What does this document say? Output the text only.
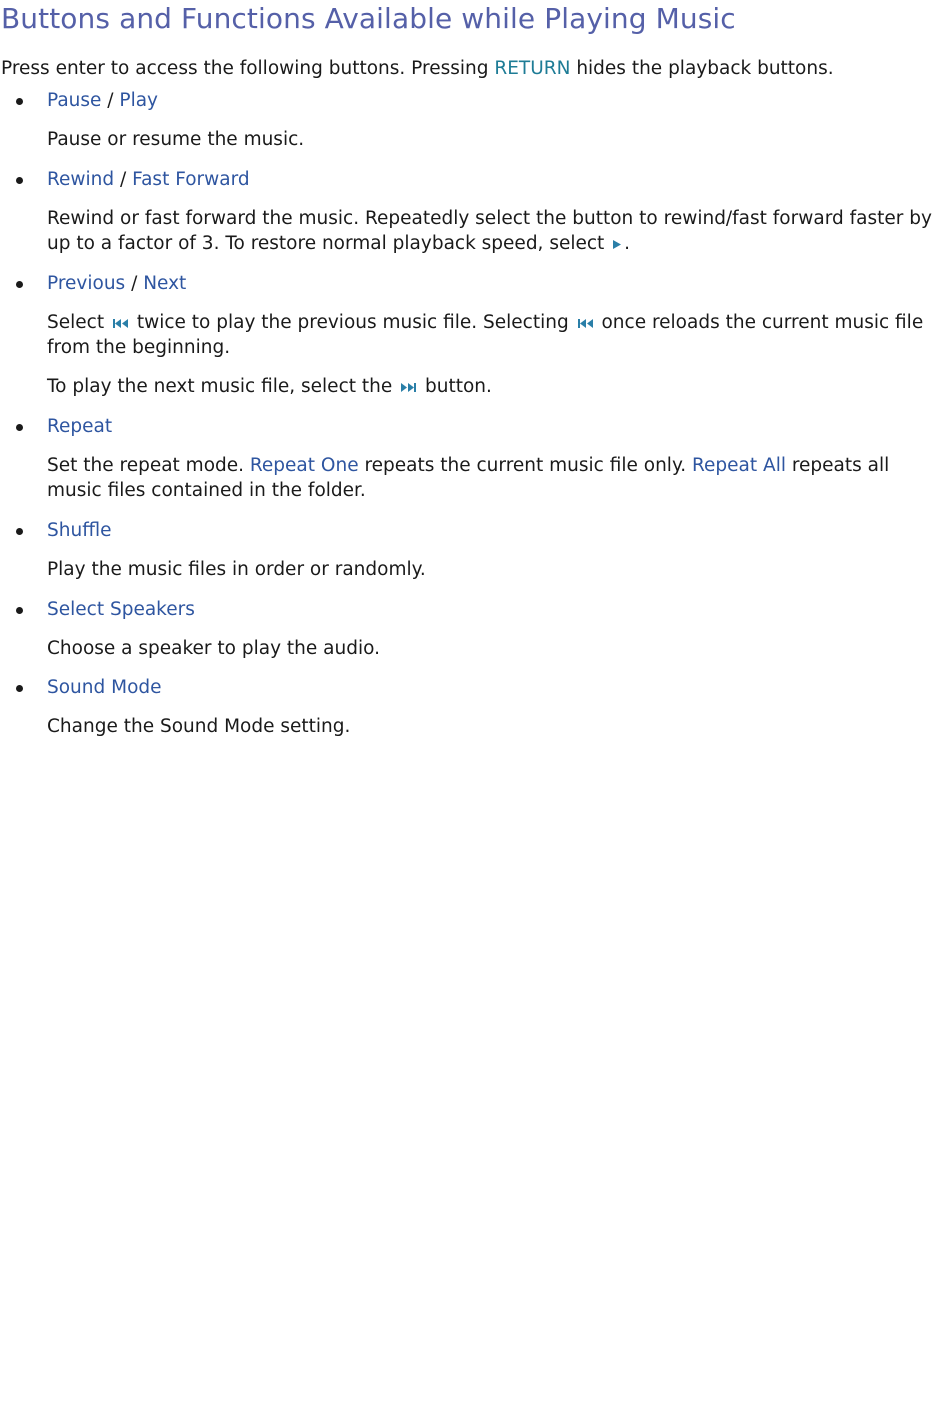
Buttons and Functions Available while Playing Music
Press enter to access the following buttons. Pressing RETURN hides the playback buttons.
Pause / Play

Pause or resume the music.

Rewind / Fast Forward

Rewind or fast forward the music. Repeatedly select the button to rewind/fast forward faster by up to a factor of 3. To restore normal playback speed, select .

Previous / Next

Select  twice to play the previous music file. Selecting  once reloads the current music file from the beginning.

To play the next music file, select the  button.

Repeat

Set the repeat mode. Repeat One repeats the current music file only. Repeat All repeats all music files contained in the folder.

Shuffle

Play the music files in order or randomly.

Select Speakers

Choose a speaker to play the audio.

Sound Mode

Change the Sound Mode setting.
